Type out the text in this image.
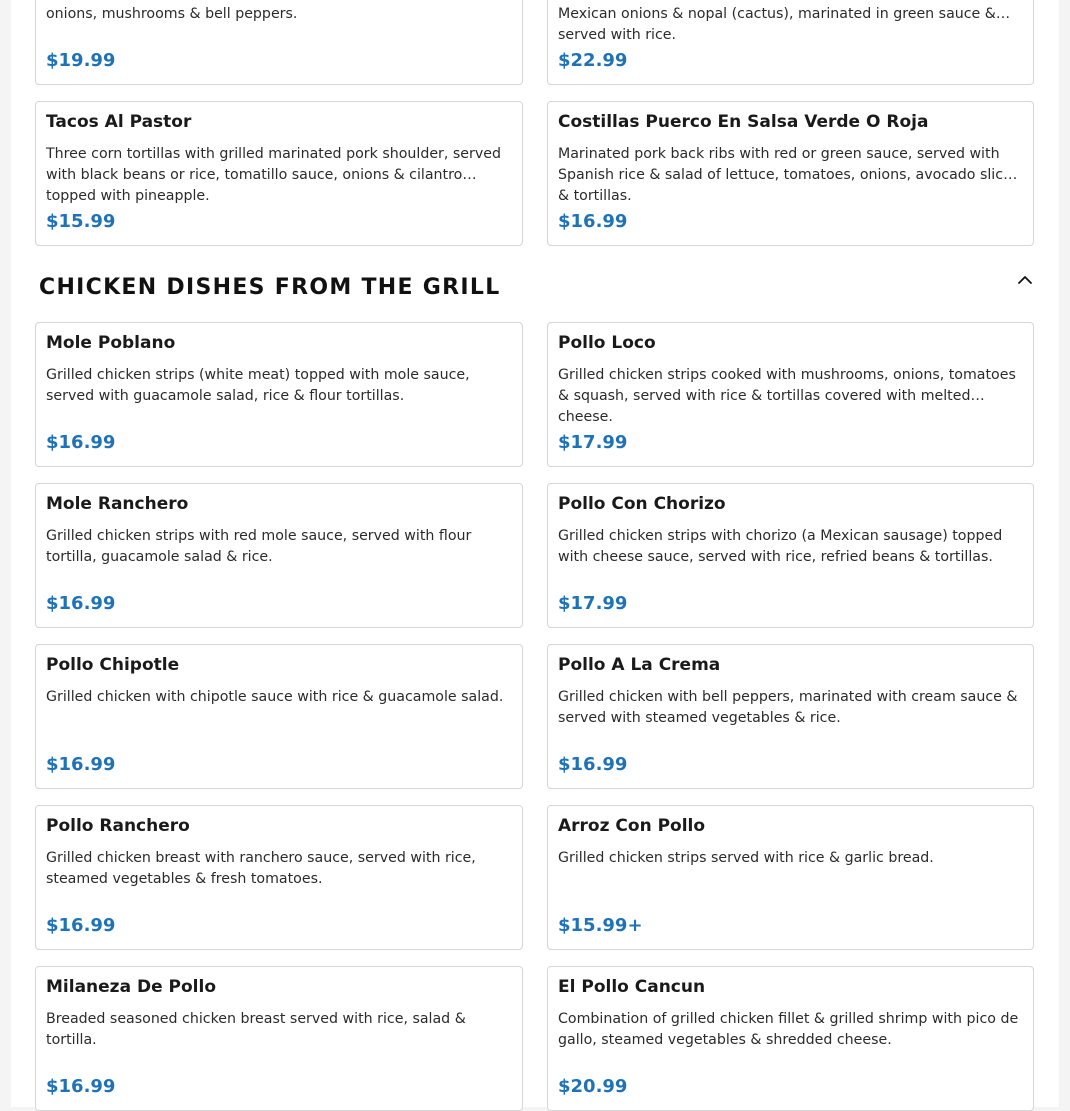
onions, mushrooms & bell peppers.
$19.99
Mexican onions & nopal (cactus), marinated in green sauce & served with rice.
$22.99
Tacos Al Pastor
Three corn tortillas with grilled marinated pork shoulder, served with black beans or rice, tomatillo sauce, onions & cilantro topped with pineapple.
$15.99
Costillas Puerco En Salsa Verde O Roja
Marinated pork back ribs with red or green sauce, served with Spanish rice & salad of lettuce, tomatoes, onions, avocado slices & tortillas.
$16.99
CHICKEN DISHES FROM THE GRILL
Mole Poblano
Grilled chicken strips (white meat) topped with mole sauce, served with guacamole salad, rice & flour tortillas.
$16.99
Pollo Loco
Grilled chicken strips cooked with mushrooms, onions, tomatoes & squash, served with rice & tortillas covered with melted cheese.
$17.99
Mole Ranchero
Grilled chicken strips with red mole sauce, served with flour tortilla, guacamole salad & rice.
$16.99
Pollo Con Chorizo
Grilled chicken strips with chorizo (a Mexican sausage) topped with cheese sauce, served with rice, refried beans & tortillas.
$17.99
Pollo Chipotle
Grilled chicken with chipotle sauce with rice & guacamole salad.
$16.99
Pollo A La Crema
Grilled chicken with bell peppers, marinated with cream sauce & served with steamed vegetables & rice.
$16.99
Pollo Ranchero
Grilled chicken breast with ranchero sauce, served with rice, steamed vegetables & fresh tomatoes.
$16.99
Arroz Con Pollo
Grilled chicken strips served with rice & garlic bread.
$15.99+
Milaneza De Pollo
Breaded seasoned chicken breast served with rice, salad & tortilla.
$16.99
El Pollo Cancun
Combination of grilled chicken fillet & grilled shrimp with pico de gallo, steamed vegetables & shredded cheese.
$20.99
